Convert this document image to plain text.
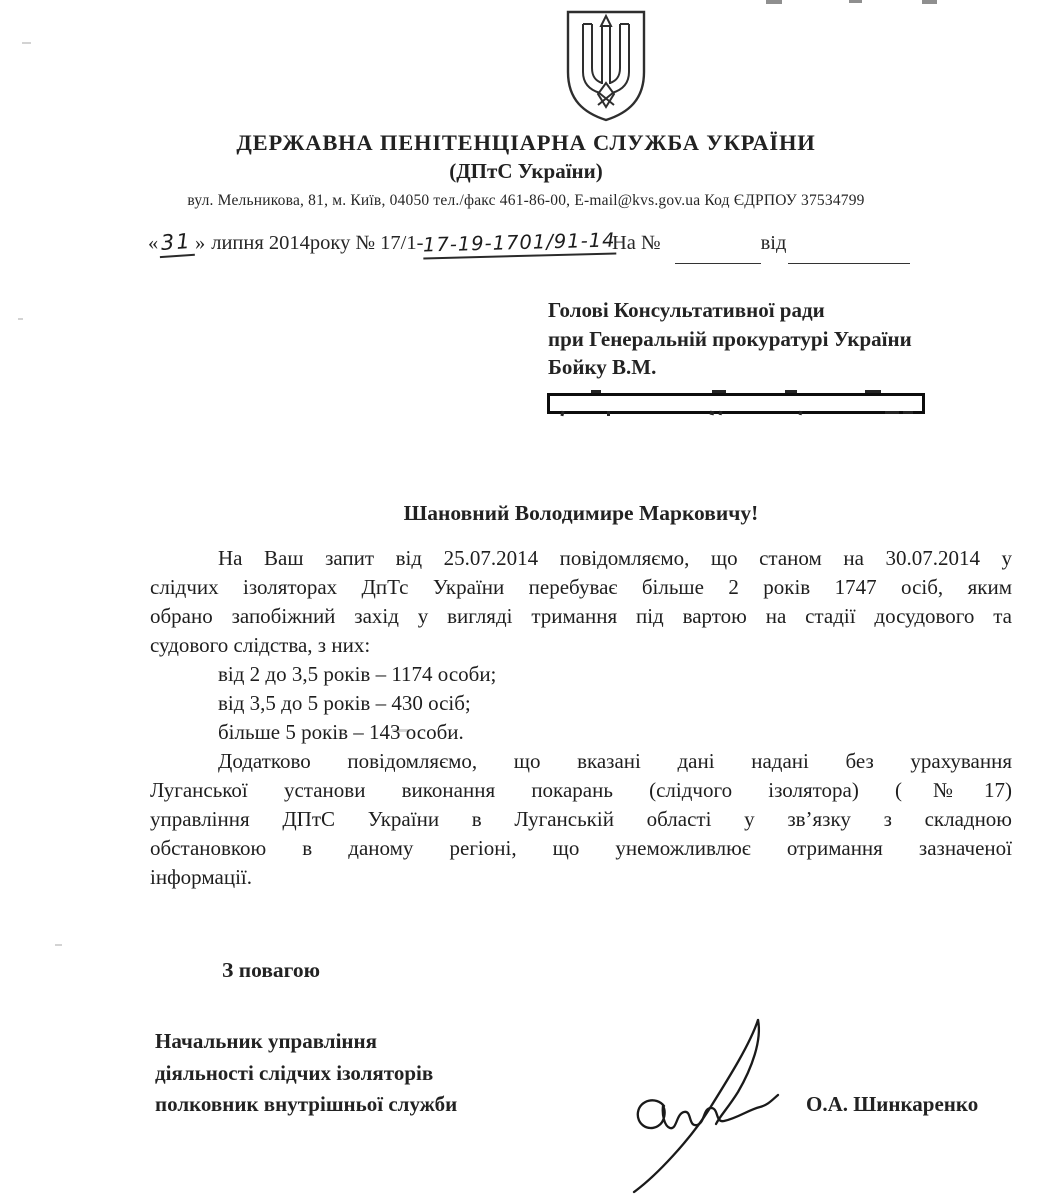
ДЕРЖАВНА ПЕНІТЕНЦІАРНА СЛУЖБА УКРАЇНИ
(ДПтС України)
вул. Мельникова, 81, м. Київ, 04050 тел./факс 461-86-00, E-mail@kvs.gov.ua Код ЄДРПОУ 37534799
« 31 » липня 2014року № 17/1- 17-19-1701/91-14
На №	від
Голові Консультативної ради
при Генеральній прокуратурі України
Бойку В.М.
Шановний Володимире Марковичу!
На Ваш запит від 25.07.2014 повідомляємо, що станом на 30.07.2014 у
слідчих ізоляторах ДпТс України перебуває більше 2 років 1747 осіб, яким
обрано запобіжний захід у вигляді тримання під вартою на стадії досудового та
судового слідства, з них:
від 2 до 3,5 років – 1174 особи;
від 3,5 до 5 років – 430 осіб;
більше 5 років – 143 особи.
Додатково повідомляємо, що вказані дані надані без урахування
Луганської установи виконання покарань (слідчого ізолятора) (№17)
управління ДПтС України в Луганській області у зв’язку з складною
обстановкою в даному регіоні, що унеможливлює отримання зазначеної
інформації.
З повагою
Начальник управління
діяльності слідчих ізоляторів
полковник внутрішньої служби	О.А. Шинкаренко
